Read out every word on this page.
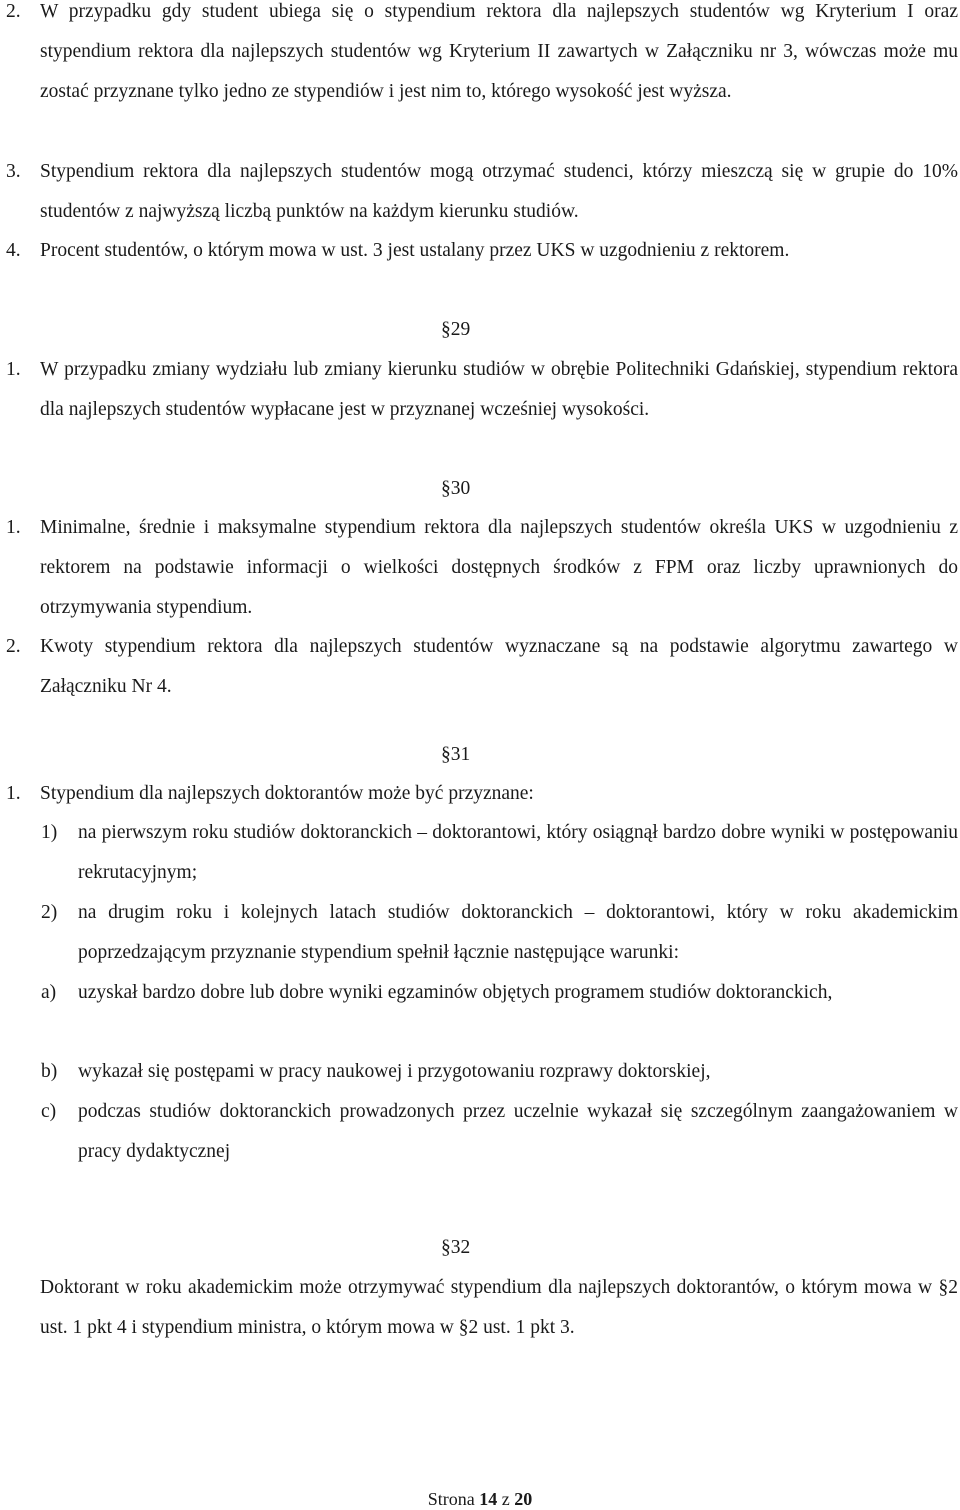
2. W przypadku gdy student ubiega się o stypendium rektora dla najlepszych studentów wg Kryterium I oraz stypendium rektora dla najlepszych studentów wg Kryterium II zawartych w Załączniku nr 3, wówczas może mu zostać przyznane tylko jedno ze stypendiów i jest nim to, którego wysokość jest wyższa.
3. Stypendium rektora dla najlepszych studentów mogą otrzymać studenci, którzy mieszczą się w grupie do 10% studentów z najwyższą liczbą punktów na każdym kierunku studiów.
4. Procent studentów, o którym mowa w ust. 3 jest ustalany przez UKS w uzgodnieniu z rektorem.
§29
1. W przypadku zmiany wydziału lub zmiany kierunku studiów w obrębie Politechniki Gdańskiej, stypendium rektora dla najlepszych studentów wypłacane jest w przyznanej wcześniej wysokości.
§30
1. Minimalne, średnie i maksymalne stypendium rektora dla najlepszych studentów określa UKS w uzgodnieniu z rektorem na podstawie informacji o wielkości dostępnych środków z FPM oraz liczby uprawnionych do otrzymywania stypendium.
2. Kwoty stypendium rektora dla najlepszych studentów wyznaczane są na podstawie algorytmu zawartego w Załączniku Nr 4.
§31
1. Stypendium dla najlepszych doktorantów może być przyznane:
1) na pierwszym roku studiów doktoranckich – doktorantowi, który osiągnął bardzo dobre wyniki w postępowaniu rekrutacyjnym;
2) na drugim roku i kolejnych latach studiów doktoranckich – doktorantowi, który w roku akademickim poprzedzającym przyznanie stypendium spełnił łącznie następujące warunki:
a) uzyskał bardzo dobre lub dobre wyniki egzaminów objętych programem studiów doktoranckich,
b) wykazał się postępami w pracy naukowej i przygotowaniu rozprawy doktorskiej,
c) podczas studiów doktoranckich prowadzonych przez uczelnie wykazał się szczególnym zaangażowaniem w pracy dydaktycznej
§32
Doktorant w roku akademickim może otrzymywać stypendium dla najlepszych doktorantów, o którym mowa w §2 ust. 1 pkt 4 i stypendium ministra, o którym mowa w §2 ust. 1 pkt 3.
Strona 14 z 20
